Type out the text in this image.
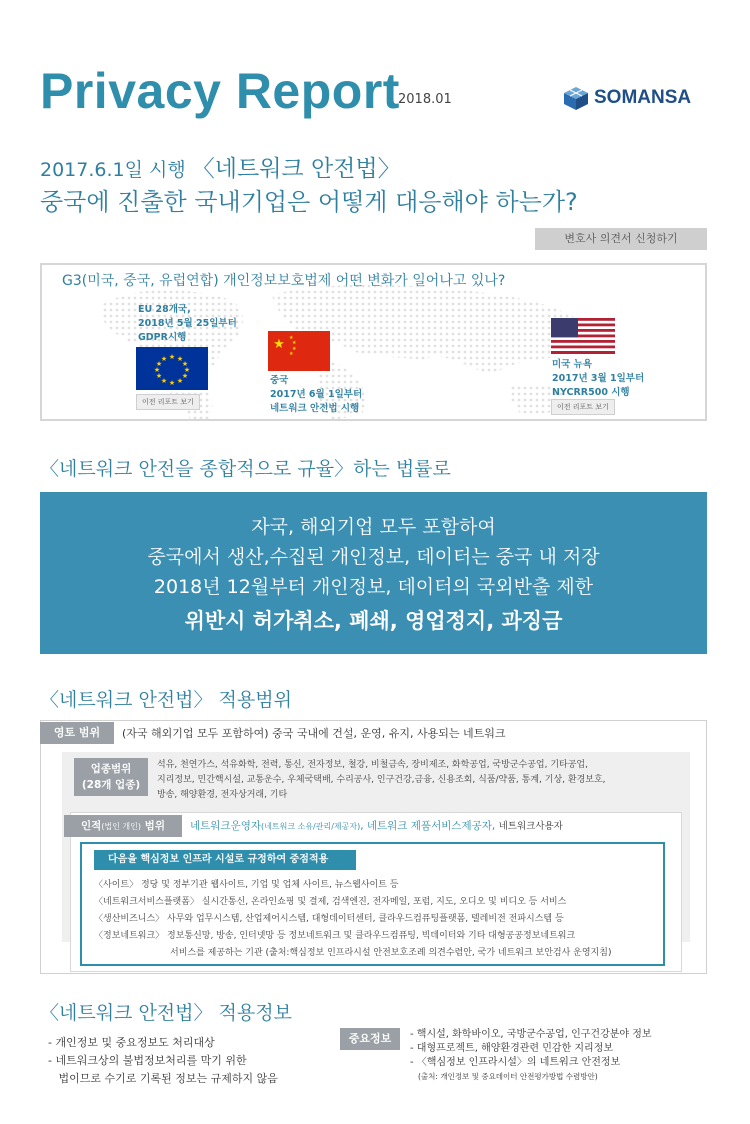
Privacy Report
2018.01	SOMANSA
2017.6.1일 시행 〈네트워크 안전법〉
중국에 진출한 국내기업은 어떻게 대응해야 하는가?
변호사 의견서 신청하기
G3(미국, 중국, 유럽연합) 개인정보보호법제 어떤 변화가 일어나고 있나?
EU 28개국,
2018년 5월 25일부터
GDPR시행
★ ★
★
★
★
★
★
★
★
★
★
★
이전 리포트 보기
★ ★
★
★
★
중국
2017년 6월 1일부터
네트워크 안전법 시행
미국 뉴욕
2017년 3월 1일부터
NYCRR500 시행
이전 리포트 보기
〈네트워크 안전을 종합적으로 규율〉하는 법률로
자국, 해외기업 모두 포함하여
중국에서 생산,수집된 개인정보, 데이터는 중국 내 저장
2018년 12월부터 개인정보, 데이터의 국외반출 제한
위반시 허가취소, 폐쇄, 영업정지, 과징금
〈네트워크 안전법〉 적용범위
영토 범위	(자국 해외기업 모두 포함하여) 중국 국내에 건설, 운영, 유지, 사용되는 네트워크
업종범위
(28개 업종)
석유, 천연가스, 석유화학, 전력, 통신, 전자정보, 철강, 비철금속, 장비제조, 화학공업, 국방군수공업, 기타공업,
지리정보, 민간핵시설, 교통운수, 우체국택배, 수리공사, 인구건강,금융, 신용조회, 식품/약품, 통계, 기상, 환경보호,
방송, 해양환경, 전자상거래, 기타
인적(법인 개인) 범위	네트워크운영자(네트워크 소유/관리/제공자), 네트워크 제품서비스제공자, 네트워크사용자
다음을 핵심정보 인프라 시설로 규정하여 중점적용
〈사이트〉 정당 및 정부기관 웹사이트, 기업 및 업체 사이트, 뉴스웹사이트 등
〈네트워크서비스플랫폼〉 실시간통신, 온라인쇼핑 및 결제, 검색엔진, 전자메일, 포럼, 지도, 오디오 및 비디오 등 서비스
〈생산비즈니스〉 사무와 업무시스템, 산업제어시스템, 대형데이터센터, 클라우드컴퓨팅플랫폼, 텔레비전 전파시스템 등
〈정보네트워크〉 정보통신망, 방송, 인터넷망 등 정보네트워크 및 클라우드컴퓨팅, 빅데이터와 기타 대형공공정보네트워크
서비스를 제공하는 기관 (출처:핵심정보 인프라시설 안전보호조례 의견수렴안, 국가 네트워크 보안검사 운영지침)
〈네트워크 안전법〉 적용정보
- 개인정보 및 중요정보도 처리대상
- 네트워크상의 불법정보처리를 막기 위한
법이므로 수기로 기록된 정보는 규제하지 않음
중요정보	- 핵시설, 화학바이오, 국방군수공업, 인구건강분야 정보
- 대형프로젝트, 해양환경관련 민감한 지리정보
- 〈핵심정보 인프라시설〉의 네트워크 안전정보
(출처: 개인정보 및 중요데이터 안전평가방법 수렴방안)
